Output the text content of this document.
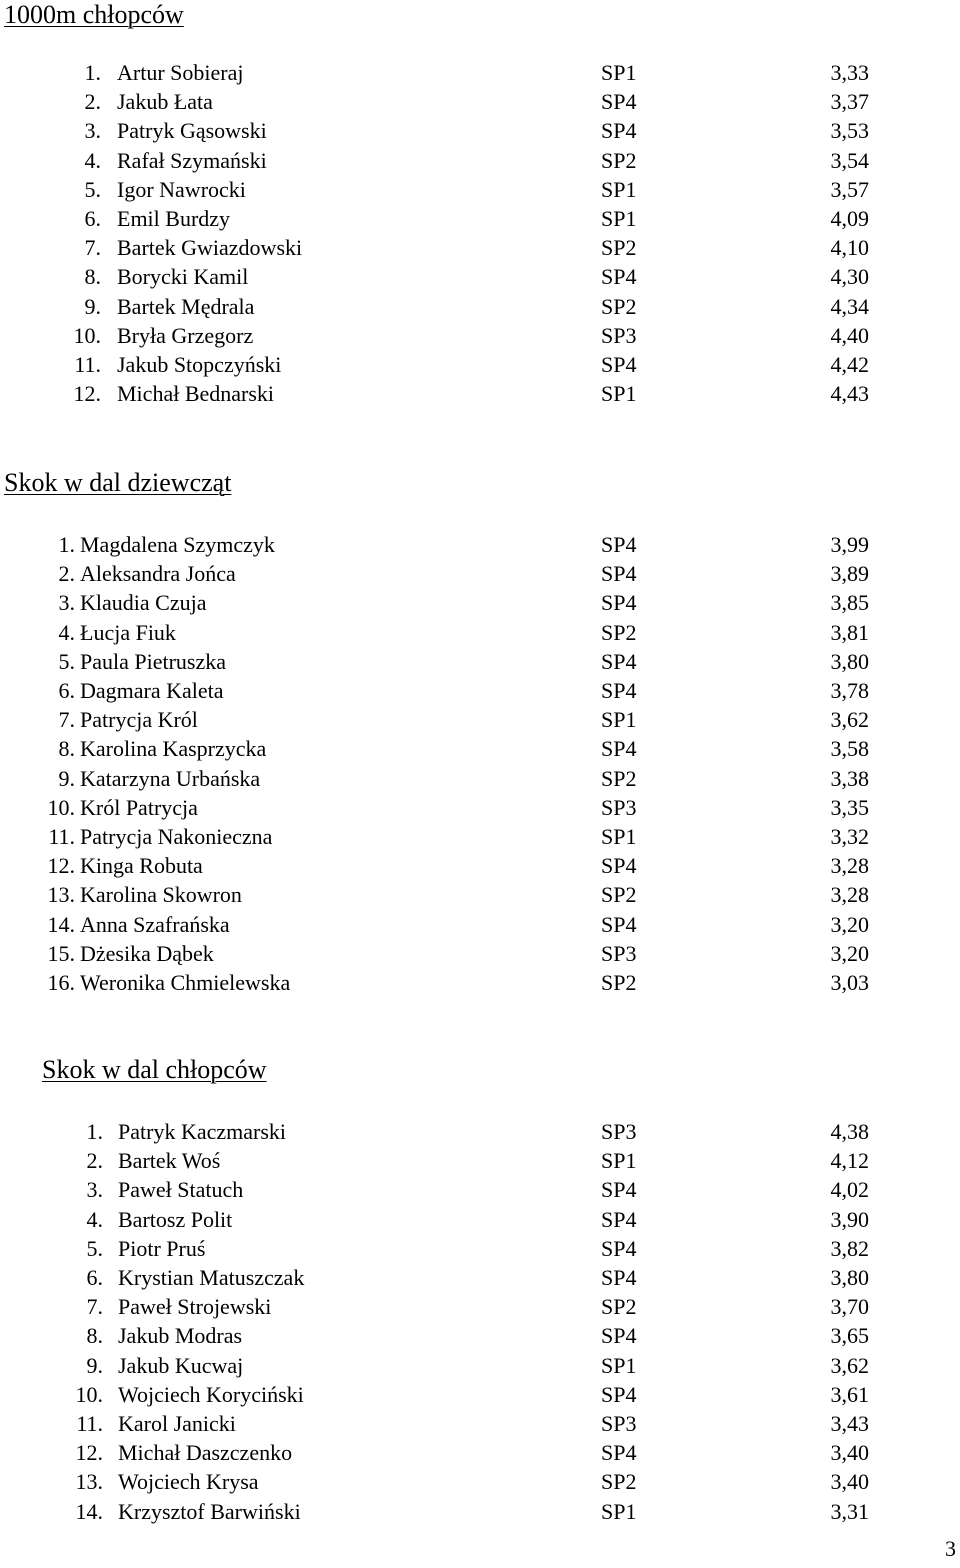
1000m chłopców
1. Artur Sobieraj	SP1	3,33
2. Jakub Łata	SP4	3,37
3. Patryk Gąsowski	SP4	3,53
4. Rafał Szymański	SP2	3,54
5. Igor Nawrocki	SP1	3,57
6. Emil Burdzy	SP1	4,09
7. Bartek Gwiazdowski	SP2	4,10
8. Borycki Kamil	SP4	4,30
9. Bartek Mędrala	SP2	4,34
10. Bryła Grzegorz	SP3	4,40
11. Jakub Stopczyński	SP4	4,42
12. Michał Bednarski	SP1	4,43
Skok w dal dziewcząt
1. Magdalena Szymczyk	SP4	3,99
2. Aleksandra Jońca	SP4	3,89
3. Klaudia Czuja	SP4	3,85
4. Łucja Fiuk	SP2	3,81
5. Paula Pietruszka	SP4	3,80
6. Dagmara Kaleta	SP4	3,78
7. Patrycja Król	SP1	3,62
8. Karolina Kasprzycka	SP4	3,58
9. Katarzyna Urbańska	SP2	3,38
10. Król Patrycja	SP3	3,35
11. Patrycja Nakonieczna	SP1	3,32
12. Kinga Robuta	SP4	3,28
13. Karolina Skowron	SP2	3,28
14. Anna Szafrańska	SP4	3,20
15. Dżesika Dąbek	SP3	3,20
16. Weronika Chmielewska	SP2	3,03
Skok w dal chłopców
1. Patryk Kaczmarski	SP3	4,38
2. Bartek Woś	SP1	4,12
3. Paweł Statuch	SP4	4,02
4. Bartosz Polit	SP4	3,90
5. Piotr Pruś	SP4	3,82
6. Krystian Matuszczak	SP4	3,80
7. Paweł Strojewski	SP2	3,70
8. Jakub Modras	SP4	3,65
9. Jakub Kucwaj	SP1	3,62
10. Wojciech Koryciński	SP4	3,61
11. Karol Janicki	SP3	3,43
12. Michał Daszczenko	SP4	3,40
13. Wojciech Krysa	SP2	3,40
14. Krzysztof Barwiński	SP1	3,31
3
